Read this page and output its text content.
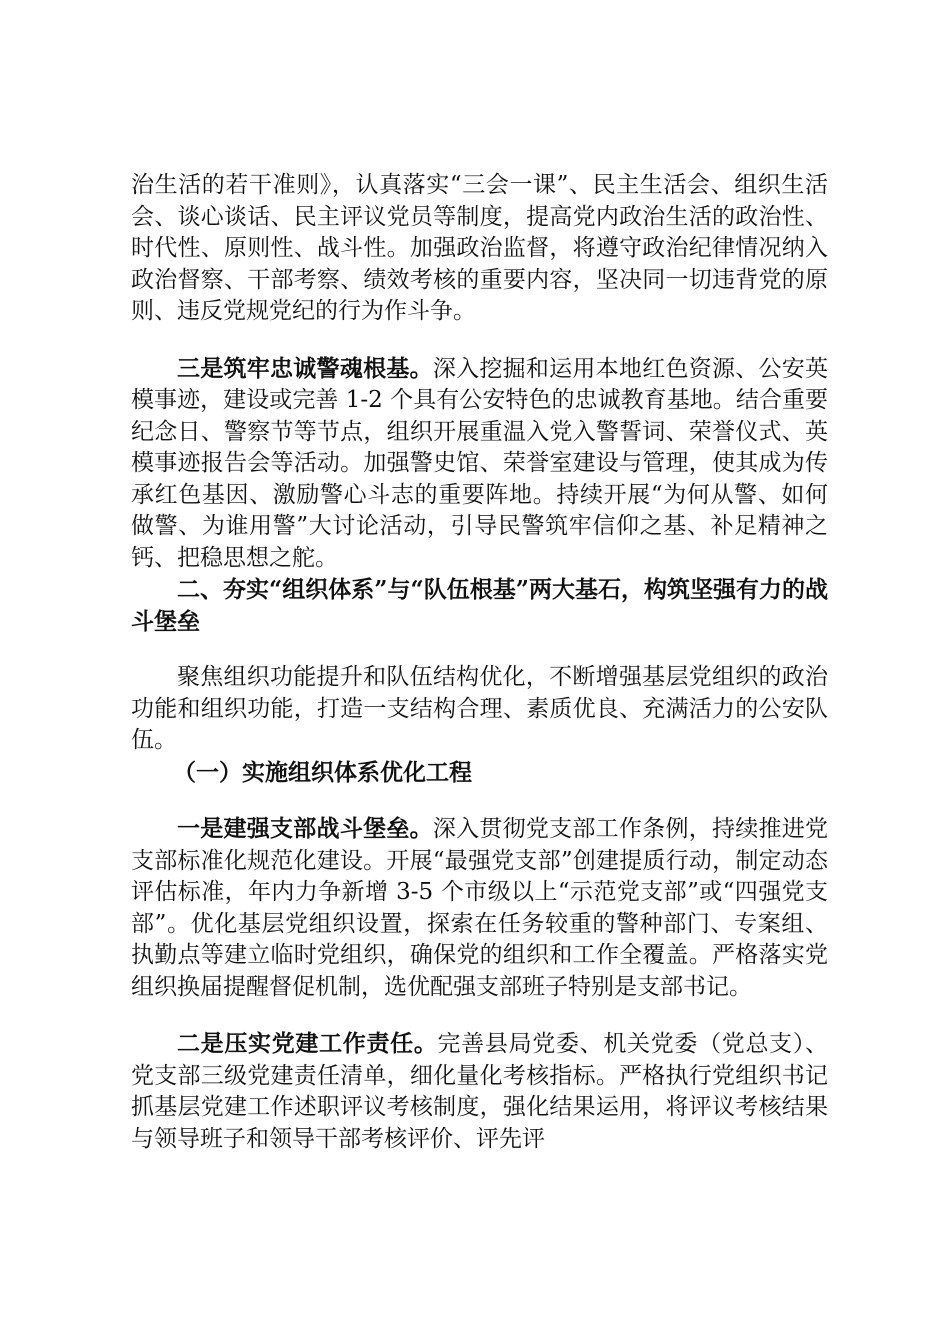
治生活的若干准则》，认真落实“三会一课”、民主生活会、组织生活会、谈心谈话、民主评议党员等制度，提高党内政治生活的政治性、时代性、原则性、战斗性。加强政治监督，将遵守政治纪律情况纳入政治督察、干部考察、绩效考核的重要内容，坚决同一切违背党的原则、违反党规党纪的行为作斗争。

三是筑牢忠诚警魂根基。深入挖掘和运用本地红色资源、公安英模事迹，建设或完善 1-2 个具有公安特色的忠诚教育基地。结合重要纪念日、警察节等节点，组织开展重温入党入警誓词、荣誉仪式、英模事迹报告会等活动。加强警史馆、荣誉室建设与管理，使其成为传承红色基因、激励警心斗志的重要阵地。持续开展“为何从警、如何做警、为谁用警”大讨论活动，引导民警筑牢信仰之基、补足精神之钙、把稳思想之舵。

二、夯实“组织体系”与“队伍根基”两大基石，构筑坚强有力的战斗堡垒

聚焦组织功能提升和队伍结构优化，不断增强基层党组织的政治功能和组织功能，打造一支结构合理、素质优良、充满活力的公安队伍。

（一）实施组织体系优化工程

一是建强支部战斗堡垒。深入贯彻党支部工作条例，持续推进党支部标准化规范化建设。开展“最强党支部”创建提质行动，制定动态评估标准，年内力争新增 3-5 个市级以上“示范党支部”或“四强党支部”。优化基层党组织设置，探索在任务较重的警种部门、专案组、执勤点等建立临时党组织，确保党的组织和工作全覆盖。严格落实党组织换届提醒督促机制，选优配强支部班子特别是支部书记。

二是压实党建工作责任。完善县局党委、机关党委（党总支）、党支部三级党建责任清单，细化量化考核指标。严格执行党组织书记抓基层党建工作述职评议考核制度，强化结果运用，将评议考核结果与领导班子和领导干部考核评价、评先评
